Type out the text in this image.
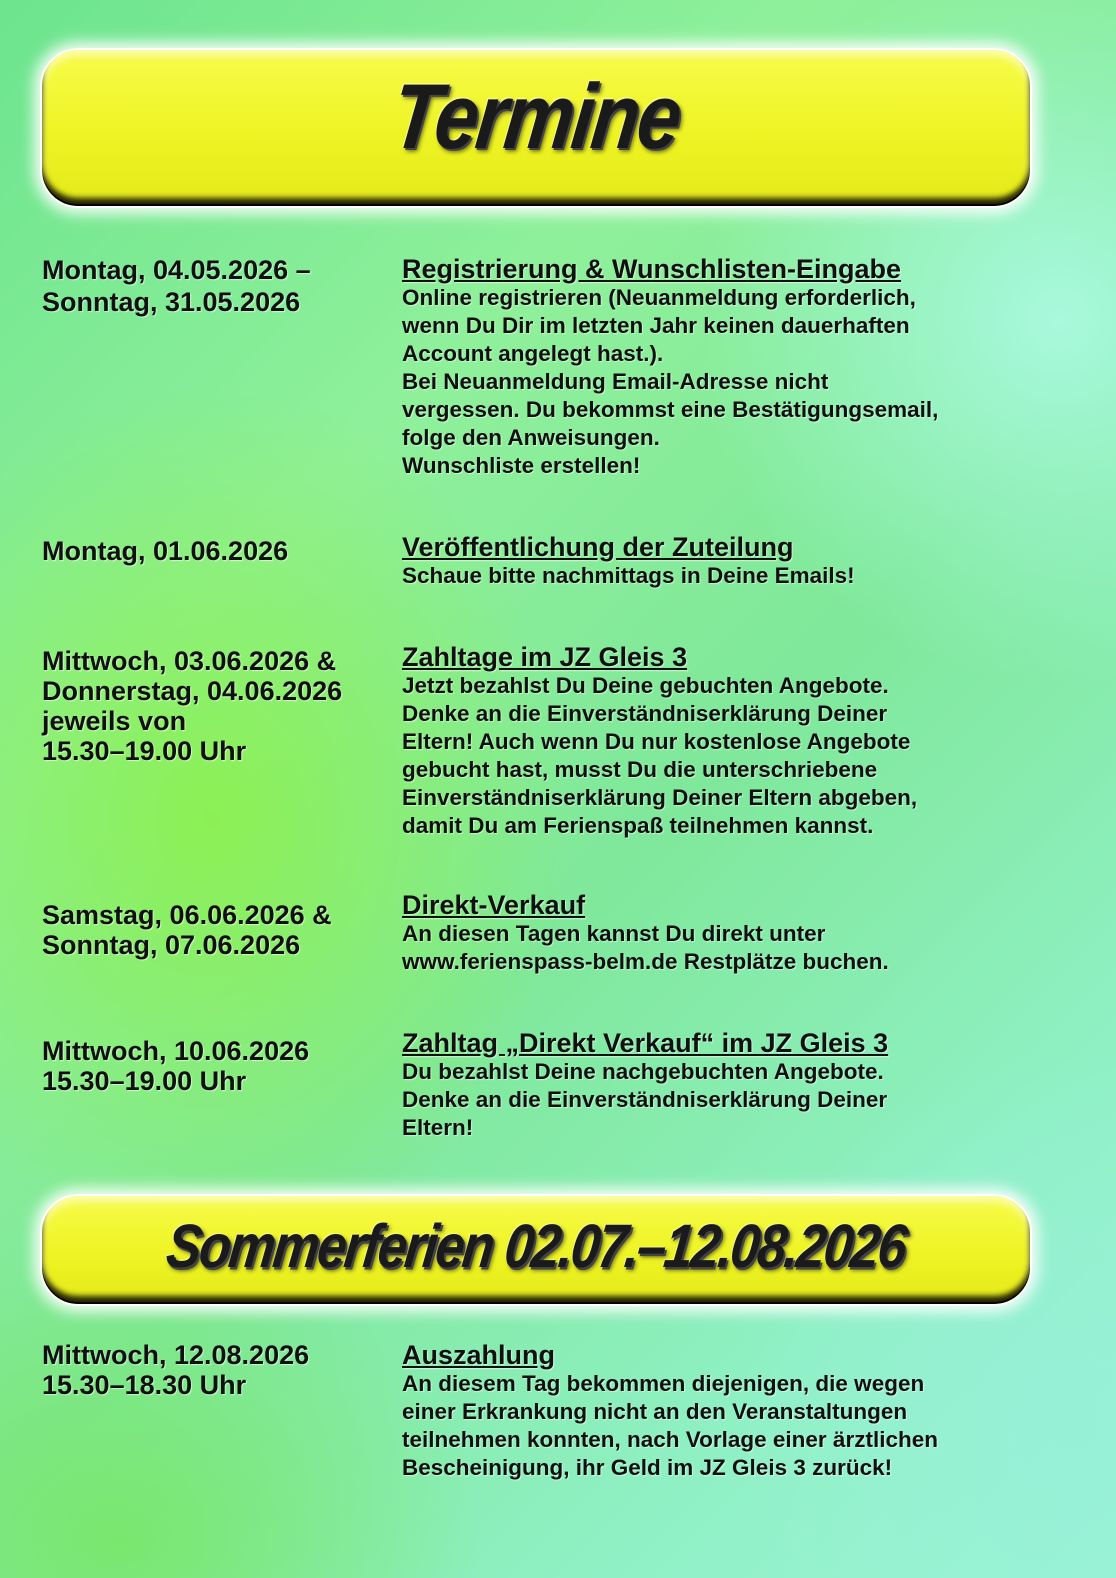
Termine
Montag, 04.05.2026 –
Sonntag, 31.05.2026
Registrierung & Wunschlisten-Eingabe
Online registrieren (Neuanmeldung erforderlich,
wenn Du Dir im letzten Jahr keinen dauerhaften
Account angelegt hast.).
Bei Neuanmeldung Email-Adresse nicht
vergessen. Du bekommst eine Bestätigungsemail,
folge den Anweisungen.
Wunschliste erstellen!
Montag, 01.06.2026	Veröffentlichung der Zuteilung
Schaue bitte nachmittags in Deine Emails!
Mittwoch, 03.06.2026 &
Donnerstag, 04.06.2026
jeweils von
15.30–19.00 Uhr
Zahltage im JZ Gleis 3
Jetzt bezahlst Du Deine gebuchten Angebote.
Denke an die Einverständniserklärung Deiner
Eltern! Auch wenn Du nur kostenlose Angebote
gebucht hast, musst Du die unterschriebene
Einverständniserklärung Deiner Eltern abgeben,
damit Du am Ferienspaß teilnehmen kannst.
Samstag, 06.06.2026 &
Sonntag, 07.06.2026
Direkt-Verkauf
An diesen Tagen kannst Du direkt unter
www.ferienspass-belm.de Restplätze buchen.
Mittwoch, 10.06.2026
15.30–19.00 Uhr
Zahltag „Direkt Verkauf“ im JZ Gleis 3
Du bezahlst Deine nachgebuchten Angebote.
Denke an die Einverständniserklärung Deiner
Eltern!
Sommerferien 02.07.–12.08.2026
Mittwoch, 12.08.2026
15.30–18.30 Uhr
Auszahlung
An diesem Tag bekommen diejenigen, die wegen
einer Erkrankung nicht an den Veranstaltungen
teilnehmen konnten, nach Vorlage einer ärztlichen
Bescheinigung, ihr Geld im JZ Gleis 3 zurück!
